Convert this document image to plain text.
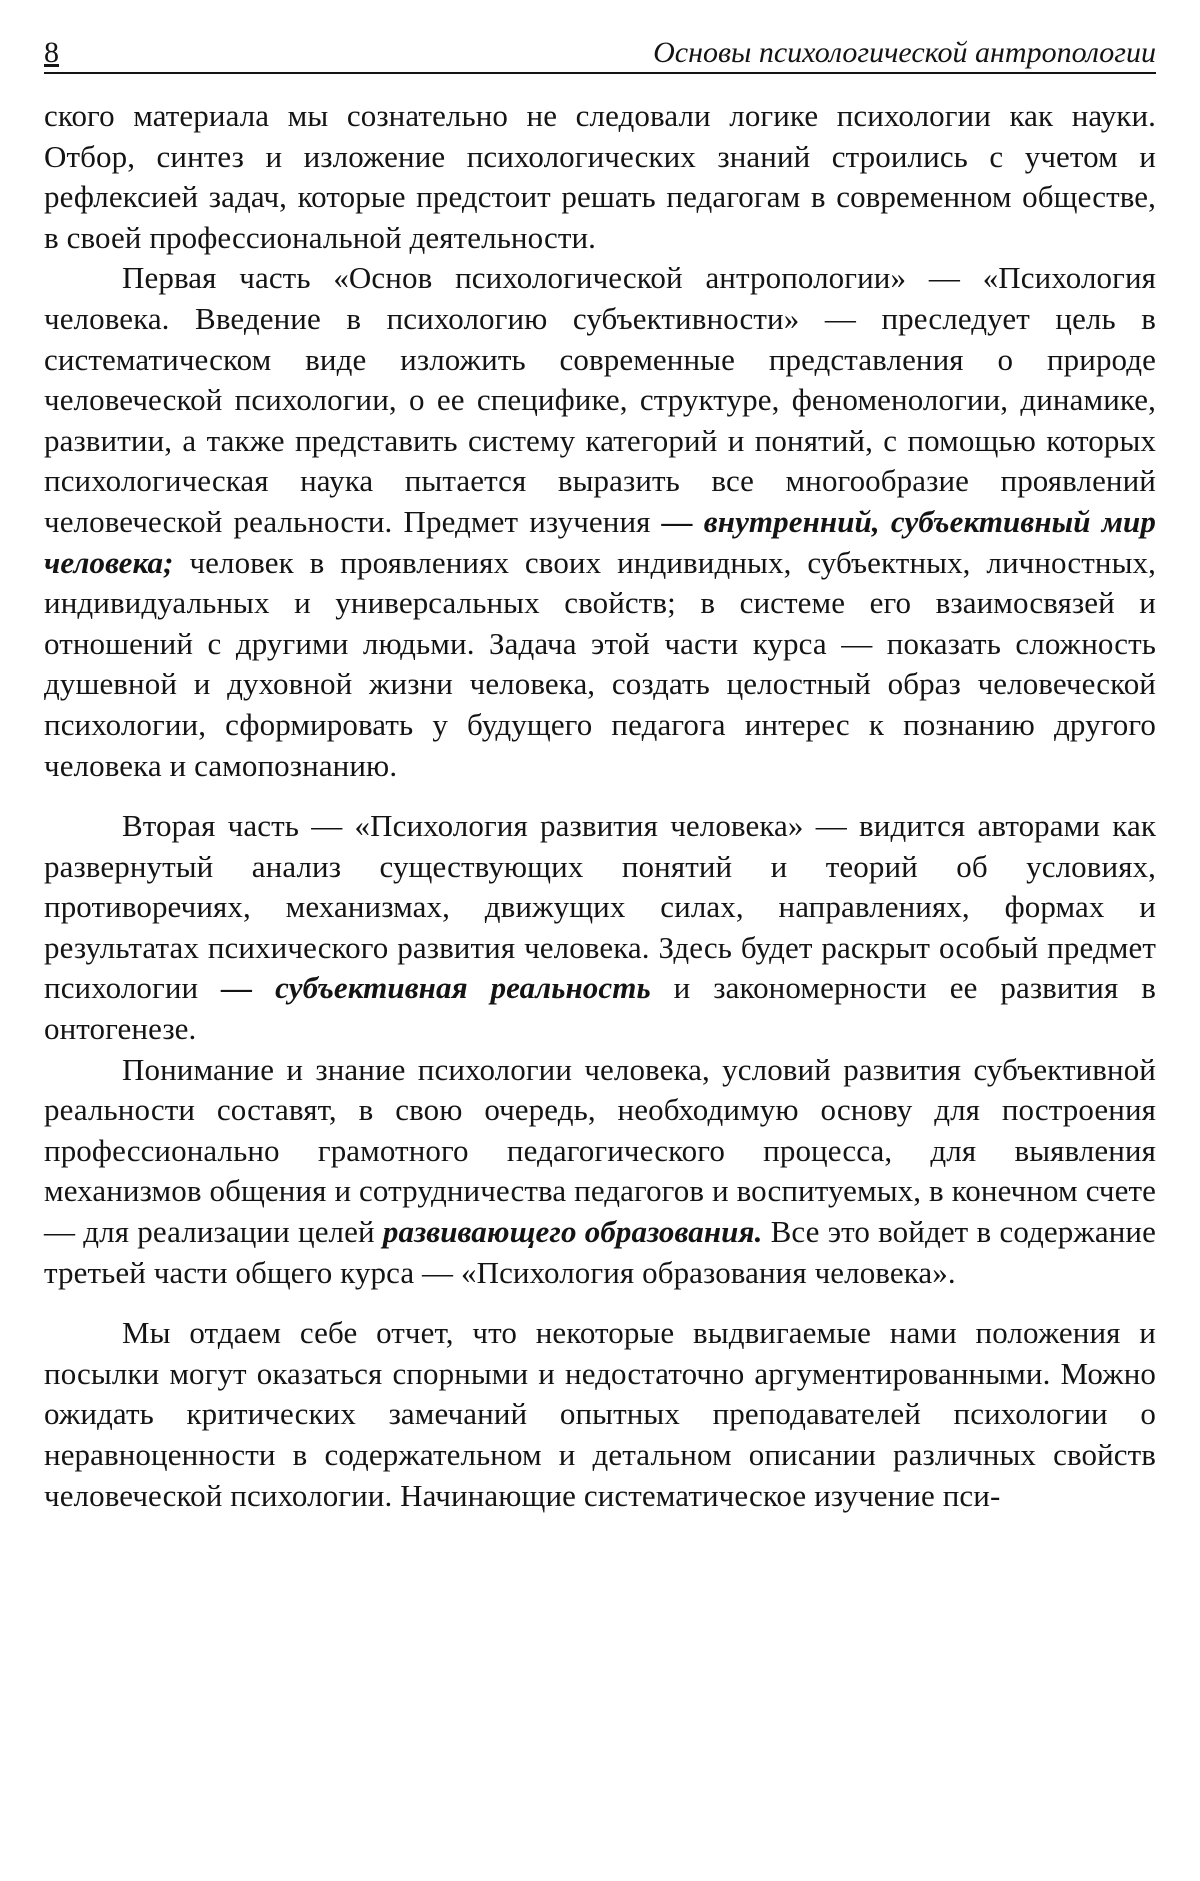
8	Основы психологической антропологии

ского материала мы сознательно не следовали логике психологии как науки. Отбор, синтез и изложение психологических знаний строились с учетом и рефлексией задач, которые предстоит решать педагогам в современном обществе, в своей профессиональной деятельности.

Первая часть «Основ психологической антропологии» — «Психология человека. Введение в психологию субъективности» — преследует цель в систематическом виде изложить современные представления о природе человеческой психологии, о ее специфике, структуре, феноменологии, динамике, развитии, а также представить систему категорий и понятий, с помощью которых психологическая наука пытается выразить все многообразие проявлений человеческой реальности. Предмет изучения — внутренний, субъективный мир человека; человек в проявлениях своих индивидных, субъектных, личностных, индивидуальных и универсальных свойств; в системе его взаимосвязей и отношений с другими людьми. Задача этой части курса — показать сложность душевной и духовной жизни человека, создать целостный образ человеческой психологии, сформировать у будущего педагога интерес к познанию другого человека и самопознанию.

Вторая часть — «Психология развития человека» — видится авторами как развернутый анализ существующих понятий и теорий об условиях, противоречиях, механизмах, движущих силах, направлениях, формах и результатах психического развития человека. Здесь будет раскрыт особый предмет психологии — субъективная реальность и закономерности ее развития в онтогенезе.

Понимание и знание психологии человека, условий развития субъективной реальности составят, в свою очередь, необходимую основу для построения профессионально грамотного педагогического процесса, для выявления механизмов общения и сотрудничества педагогов и воспитуемых, в конечном счете — для реализации целей развивающего образования. Все это войдет в содержание третьей части общего курса — «Психология образования человека».

Мы отдаем себе отчет, что некоторые выдвигаемые нами положения и посылки могут оказаться спорными и недостаточно аргументированными. Можно ожидать критических замечаний опытных преподавателей психологии о неравноценности в содержательном и детальном описании различных свойств человеческой психологии. Начинающие систематическое изучение пси-
